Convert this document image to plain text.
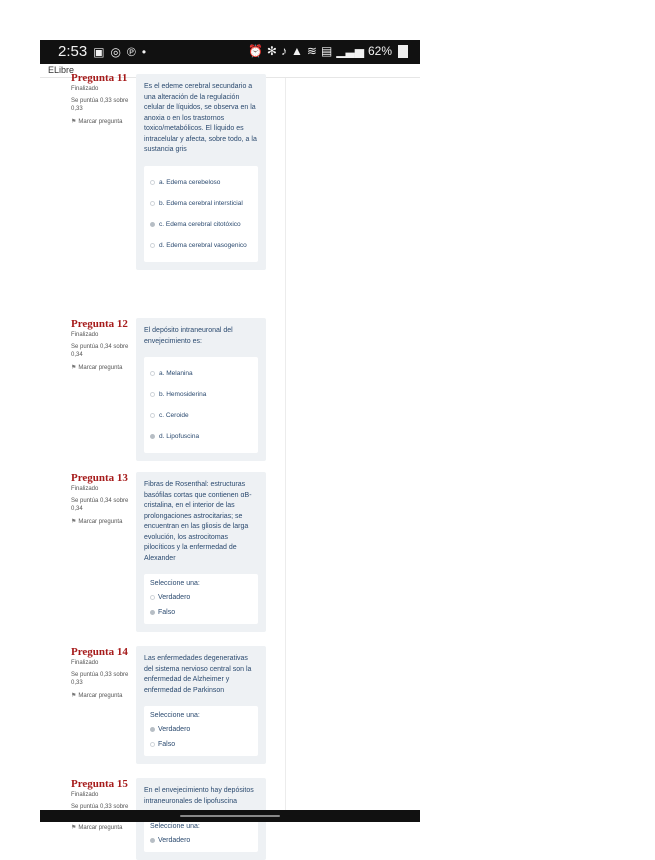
2:53 ▣ ◎ ℗ •	⏰ ✻ ♪ ▲ ≋ ▤ ▁▃▅ 62%
ELibre
Pregunta 11
Finalizado
Se puntúa 0,33 sobre 0,33
⚑ Marcar pregunta
Es el edeme cerebral secundario a una alteración de la regulación celular de líquidos, se observa en la anoxia o en los trastornos toxico/metabólicos. El líquido es intracelular y afecta, sobre todo, a la sustancia gris
a. Edema cerebeloso
b. Edema cerebral intersticial
c. Edema cerebral citotóxico
d. Edema cerebral vasogenico
Pregunta 12
Finalizado
Se puntúa 0,34 sobre 0,34
⚑ Marcar pregunta
El depósito intraneuronal del envejecimiento es:
a. Melanina
b. Hemosiderina
c. Ceroide
d. Lipofuscina
Pregunta 13
Finalizado
Se puntúa 0,34 sobre 0,34
⚑ Marcar pregunta
Fibras de Rosenthal: estructuras basófilas cortas que contienen αB-cristalina, en el interior de las prolongaciones astrocitarias; se encuentran en las gliosis de larga evolución, los astrocitomas pilocíticos y la enfermedad de Alexander
Seleccione una:
Verdadero
Falso
Pregunta 14
Finalizado
Se puntúa 0,33 sobre 0,33
⚑ Marcar pregunta
Las enfermedades degenerativas del sistema nervioso central son la enfermedad de Alzheimer y enfermedad de Parkinson
Seleccione una:
Verdadero
Falso
Pregunta 15
Finalizado
Se puntúa 0,33 sobre
⚑ Marcar pregunta
En el envejecimiento hay depósitos intraneuronales de lipofuscina
Seleccione una:
Verdadero
